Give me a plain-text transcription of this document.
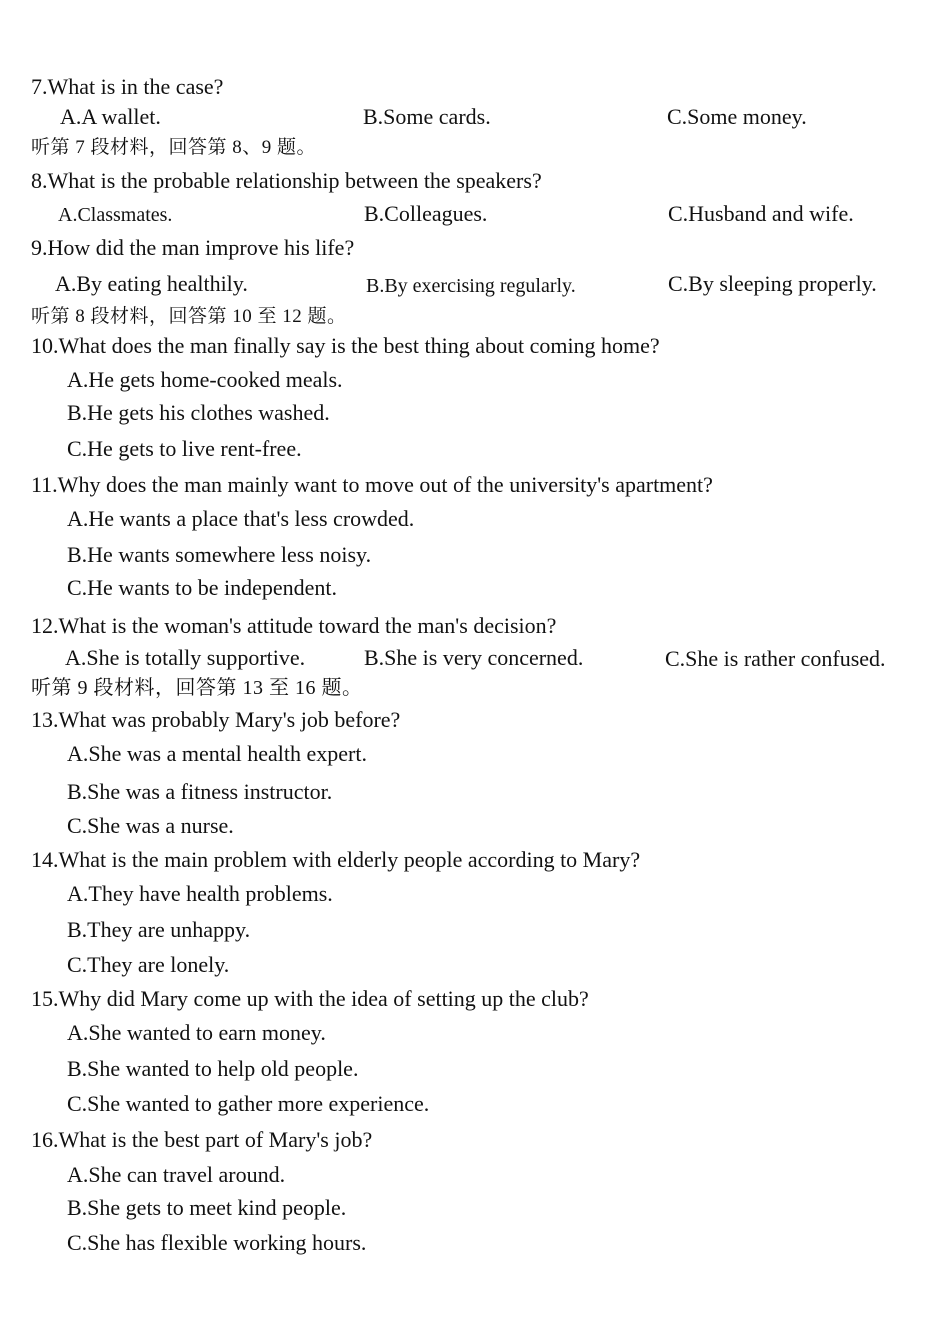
7.What is in the case?
A.A wallet.	B.Some cards.	C.Some money.
听第 7 段材料，回答第 8、9 题。
8.What is the probable relationship between the speakers?
A.Classmates.	B.Colleagues.	C.Husband and wife.
9.How did the man improve his life?
A.By eating healthily.	B.By exercising regularly.	C.By sleeping properly.
听第 8 段材料，回答第 10 至 12 题。
10.What does the man finally say is the best thing about coming home?
A.He gets home-cooked meals.
B.He gets his clothes washed.
C.He gets to live rent-free.
11.Why does the man mainly want to move out of the university's apartment?
A.He wants a place that's less crowded.
B.He wants somewhere less noisy.
C.He wants to be independent.
12.What is the woman's attitude toward the man's decision?
A.She is totally supportive.	B.She is very concerned.	C.She is rather confused.
听第 9 段材料，回答第 13 至 16 题。
13.What was probably Mary's job before?
A.She was a mental health expert.
B.She was a fitness instructor.
C.She was a nurse.
14.What is the main problem with elderly people according to Mary?
A.They have health problems.
B.They are unhappy.
C.They are lonely.
15.Why did Mary come up with the idea of setting up the club?
A.She wanted to earn money.
B.She wanted to help old people.
C.She wanted to gather more experience.
16.What is the best part of Mary's job?
A.She can travel around.
B.She gets to meet kind people.
C.She has flexible working hours.
